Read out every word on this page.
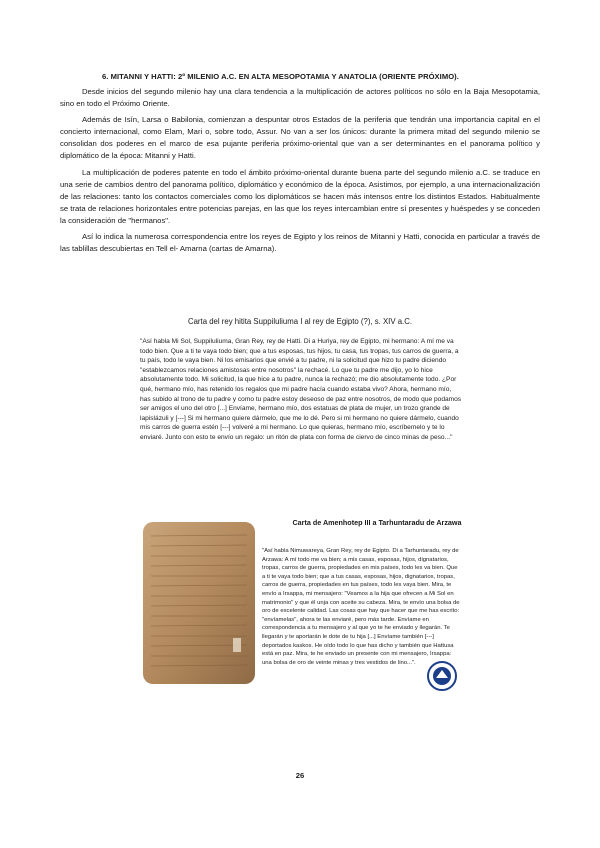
6. MITANNI Y HATTI: 2º MILENIO A.C. EN ALTA MESOPOTAMIA Y ANATOLIA (ORIENTE PRÓXIMO).

Desde inicios del segundo milenio hay una clara tendencia a la multiplicación de actores políticos no sólo en la Baja Mesopotamia, sino en todo el Próximo Oriente.

Además de Isín, Larsa o Babilonia, comienzan a despuntar otros Estados de la periferia que tendrán una importancia capital en el concierto internacional, como Elam, Mari o, sobre todo, Assur. No van a ser los únicos: durante la primera mitad del segundo milenio se consolidan dos poderes en el marco de esa pujante periferia próximo-oriental que van a ser determinantes en el panorama político y diplomático de la época: Mitanni y Hatti.

La multiplicación de poderes patente en todo el ámbito próximo-oriental durante buena parte del segundo milenio a.C. se traduce en una serie de cambios dentro del panorama político, diplomático y económico de la época. Asistimos, por ejemplo, a una internacionalización de las relaciones: tanto los contactos comerciales como los diplomáticos se hacen más intensos entre los distintos Estados. Habitualmente se trata de relaciones horizontales entre potencias parejas, en las que los reyes intercambian entre sí presentes y huéspedes y se conceden la consideración de "hermanos".

Así lo indica la numerosa correspondencia entre los reyes de Egipto y los reinos de Mitanni y Hatti, conocida en particular a través de las tablillas descubiertas en Tell el- Amarna (cartas de Amarna).

Carta del rey hitita Suppiluliuma I al rey de Egipto (?), s. XIV a.C.
"Así habla Mi Sol, Suppiluliuma, Gran Rey, rey de Hatti. Di a Huriya, rey de Egipto, mi hermano: A mí me va todo bien. Que a ti te vaya todo bien; que a tus esposas, tus hijos, tu casa, tus tropas, tus carros de guerra, a tu país, todo le vaya bien. Ni los emisarios que envié a tu padre, ni la solicitud que hizo tu padre diciendo "establezcamos relaciones amistosas entre nosotros" la rechacé. Lo que tu padre me dijo, yo lo hice absolutamente todo. Mi solicitud, la que hice a tu padre, nunca la rechazó; me dio absolutamente todo. ¿Por qué, hermano mío, has retenido los regalos que mi padre hacía cuando estaba vivo? Ahora, hermano mío, has subido al trono de tu padre y como tu padre estoy deseoso de paz entre nosotros, de modo que podamos ser amigos el uno del otro [...] Envíame, hermano mío, dos estatuas de plata de mujer, un trozo grande de lapislázuli y [---] Si mi hermano quiere dármelo, que me lo dé. Pero si mi hermano no quiere dármelo, cuando mis carros de guerra estén [---] volveré a mi hermano. Lo que quieras, hermano mío, escríbemelo y te lo enviaré. Junto con esto te envío un regalo: un ritón de plata con forma de ciervo de cinco minas de peso..."
Carta de Amenhotep III a Tarhuntaradu de Arzawa
"Así habla Nimuwareya, Gran Rey, rey de Egipto. Di a Tarhuntaradu, rey de Arzawa: A mí todo me va bien; a mis casas, esposas, hijos, dignatarios, tropas, carros de guerra, propiedades en mis países, todo les va bien. Que a ti te vaya todo bien; que a tus casas, esposas, hijos, dignatarios, tropas, carros de guerra, propiedades en tus países, todo les vaya bien. Mira, te envío a Irsappa, mi mensajero: "Veamos a la hija que ofrecen a Mi Sol en matrimonio" y que él unja con aceite su cabeza. Mira, te envío una bolsa de oro de excelente calidad. Las cosas que hay que hacer que me has escrito: "envíamelas", ahora te las enviaré, pero más tarde. Envíame en correspondencia a tu mensajero y al que yo te he enviado y llegarán. Te llegarán y te aportarán le dote de tu hija [...] Envíame también [---] deportados kaskos. He oído todo lo que has dicho y también que Hattusa está en paz. Mira, te he enviado un presente con mi mensajero, Irsappa: una bolsa de oro de veinte minas y tres vestidos de lino...".
26
